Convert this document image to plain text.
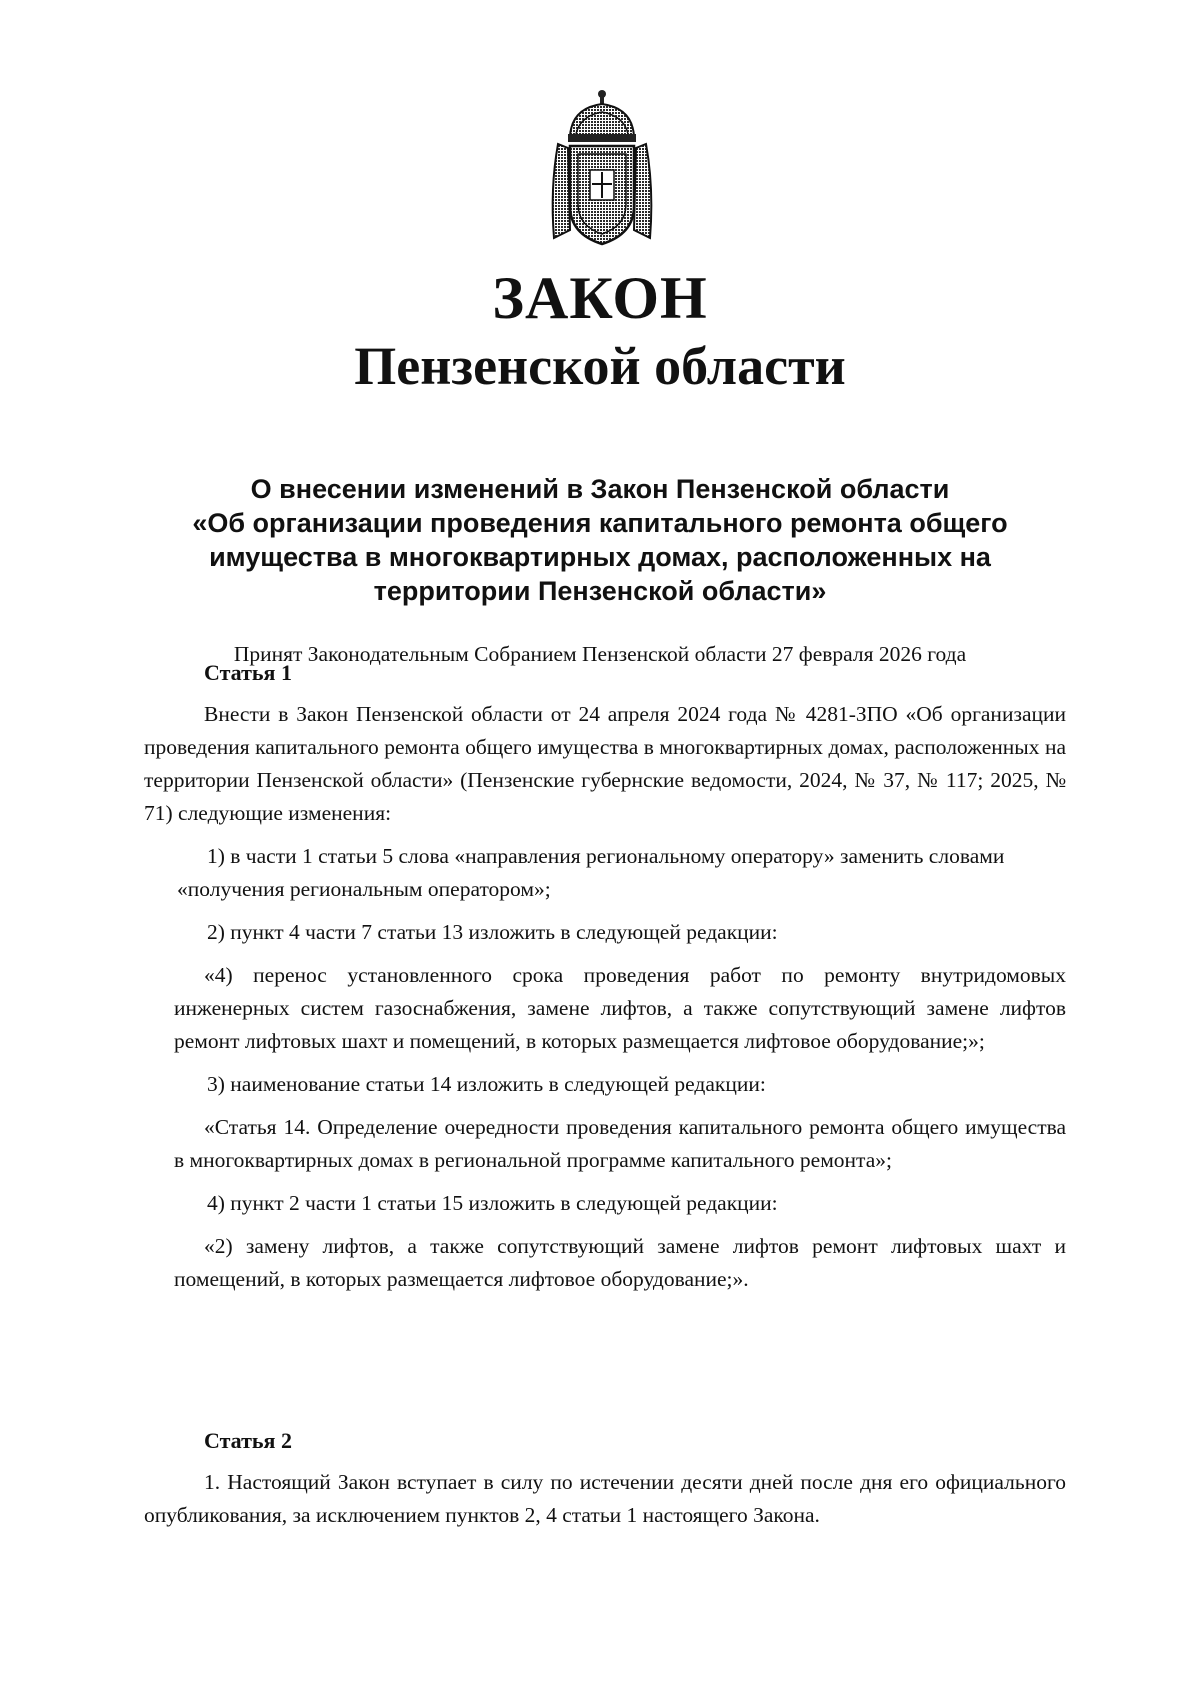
ЗАКОН
Пензенской области
О внесении изменений в Закон Пензенской области
«Об организации проведения капитального ремонта общего
имущества в многоквартирных домах, расположенных на
территории Пензенской области»
Принят Законодательным Собранием Пензенской области 27 февраля 2026 года
Статья 1

Внести в Закон Пензенской области от 24 апреля 2024 года № 4281-ЗПО «Об организации проведения капитального ремонта общего имущества в многоквартирных домах, расположенных на территории Пензенской области» (Пензенские губернские ведомости, 2024, № 37, № 117; 2025, № 71) следующие изменения:

1) в части 1 статьи 5 слова «направления региональному оператору» заменить словами «получения региональным оператором»;

2) пункт 4 части 7 статьи 13 изложить в следующей редакции:

«4) перенос установленного срока проведения работ по ремонту внутридомовых инженерных систем газоснабжения, замене лифтов, а также сопутствующий замене лифтов ремонт лифтовых шахт и помещений, в которых размещается лифтовое оборудование;»;

3) наименование статьи 14 изложить в следующей редакции:

«Статья 14. Определение очередности проведения капитального ремонта общего имущества в многоквартирных домах в региональной программе капитального ремонта»;

4) пункт 2 части 1 статьи 15 изложить в следующей редакции:

«2) замену лифтов, а также сопутствующий замене лифтов ремонт лифтовых шахт и помещений, в которых размещается лифтовое оборудование;».

Статья 2

1. Настоящий Закон вступает в силу по истечении десяти дней после дня его официального опубликования, за исключением пунктов 2, 4 статьи 1 настоящего Закона.
